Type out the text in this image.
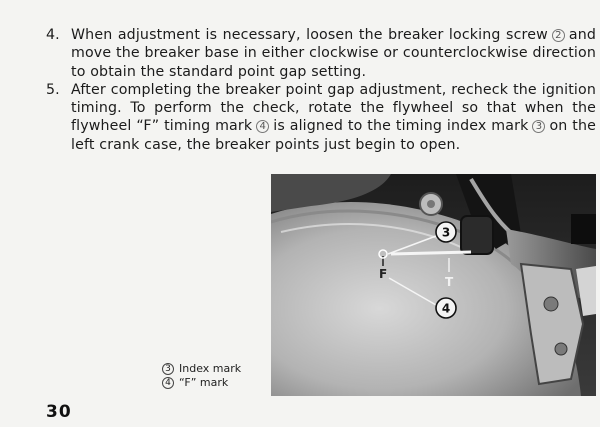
4. When adjustment is necessary, loosen the breaker locking screw 2 and move the breaker base in either clockwise or counterclockwise direction to obtain the standard point gap setting.
5. After completing the breaker point gap adjustment, recheck the ignition timing. To perform the check, rotate the flywheel so that when the flywheel “F” timing mark 4 is aligned to the timing index mark 3 on the left crank case, the breaker points just begin to open.
T
F
3
4
3 Index mark
4 “F” mark
30
